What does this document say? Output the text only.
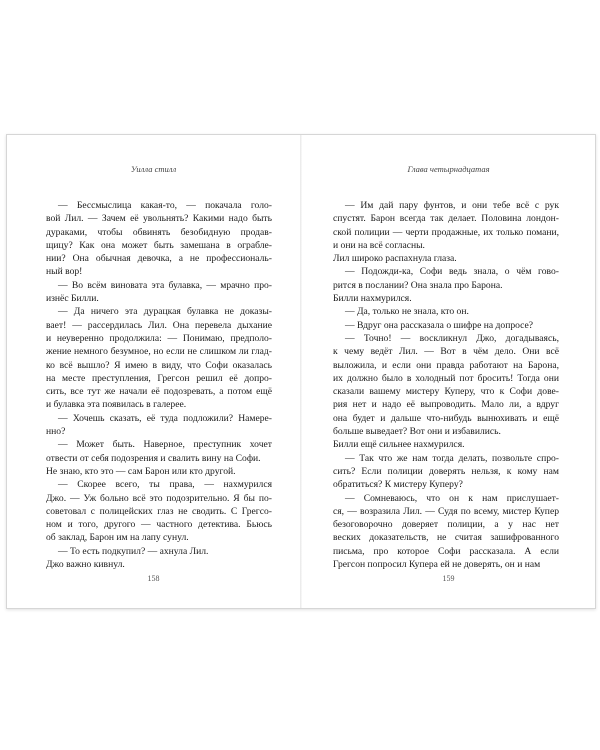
Уилла стилл
— Бессмыслица какая-то, — покачала голо-
вой Лил. — Зачем её увольнять? Какими надо быть
дураками, чтобы обвинять безобидную продав-
щицу? Как она может быть замешана в ограбле-
нии? Она обычная девочка, а не профессиональ-
ный вор!
— Во всём виновата эта булавка, — мрачно про-
изнёс Билли.
— Да ничего эта дурацкая булавка не доказы-
вает! — рассердилась Лил. Она перевела дыхание
и неуверенно продолжила: — Понимаю, предполо-
жение немного безумное, но если не слишком ли глад-
ко всё вышло? Я имею в виду, что Софи оказалась
на месте преступления, Грегсон решил её допро-
сить, все тут же начали её подозревать, а потом ещё
и булавка эта появилась в галерее.
— Хочешь сказать, её туда подложили? Намере-
нно?
— Может быть. Наверное, преступник хочет
отвести от себя подозрения и свалить вину на Софи.
Не знаю, кто это — сам Барон или кто другой.
— Скорее всего, ты права, — нахмурился
Джо. — Уж больно всё это подозрительно. Я бы по-
советовал с полицейских глаз не сводить. С Грегсо-
ном и того, другого — частного детектива. Бьюсь
об заклад, Барон им на лапу сунул.
— То есть подкупил? — ахнула Лил.
Джо важно кивнул.
158
Глава четырнадцатая
— Им дай пару фунтов, и они тебе всё с рук
спустят. Барон всегда так делает. Половина лондон-
ской полиции — черти продажные, их только помани,
и они на всё согласны.
Лил широко распахнула глаза.
— Подожди-ка, Софи ведь знала, о чём гово-
рится в послании? Она знала про Барона.
Билли нахмурился.
— Да, только не знала, кто он.
— Вдруг она рассказала о шифре на допросе?
— Точно! — воскликнул Джо, догадываясь,
к чему ведёт Лил. — Вот в чём дело. Они всё
выложила, и если они правда работают на Барона,
их должно было в холодный пот бросить! Тогда они
сказали вашему мистеру Куперу, что к Софи дове-
рия нет и надо её выпроводить. Мало ли, а вдруг
она будет и дальше что-нибудь вынюхивать и ещё
больше выведает? Вот они и избавились.
Билли ещё сильнее нахмурился.
— Так что же нам тогда делать, позвольте спро-
сить? Если полиции доверять нельзя, к кому нам
обратиться? К мистеру Куперу?
— Сомневаюсь, что он к нам прислушает-
ся, — возразила Лил. — Судя по всему, мистер Купер
безоговорочно доверяет полиции, а у нас нет
веских доказательств, не считая зашифрованного
письма, про которое Софи рассказала. А если
Грегсон попросил Купера ей не доверять, он и нам
159
